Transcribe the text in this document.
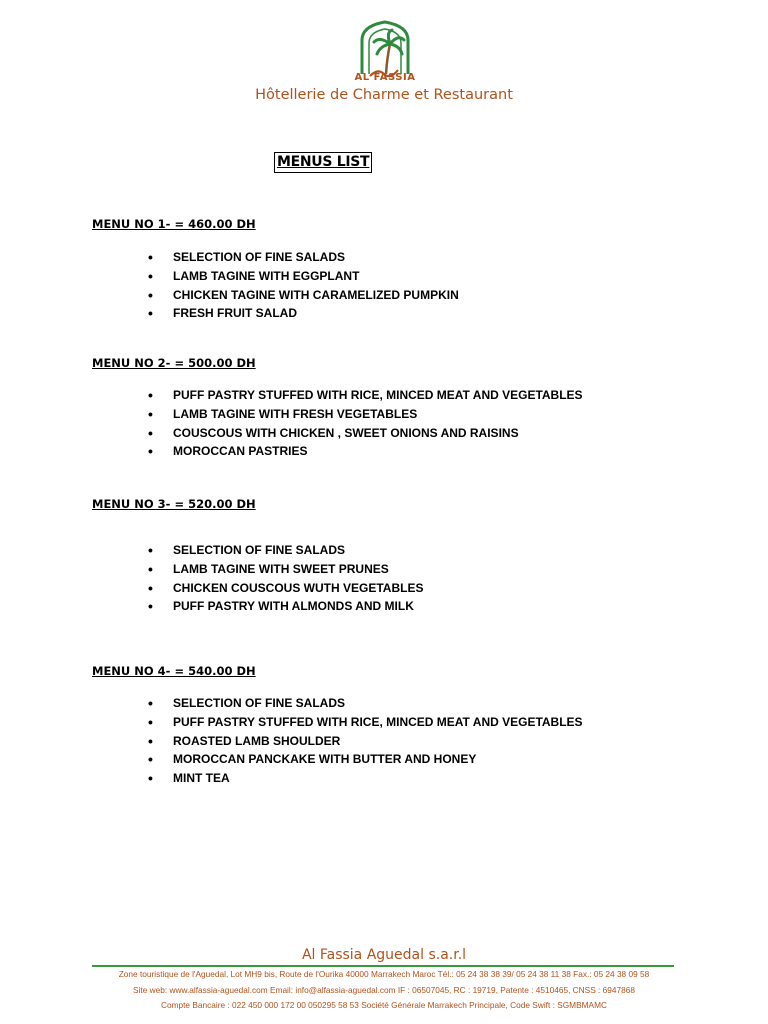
AL FASSIA
Hôtellerie de Charme et Restaurant
MENUS LIST
MENU NO 1- = 460.00 DH
• SELECTION OF FINE SALADS
• LAMB TAGINE WITH EGGPLANT
• CHICKEN TAGINE WITH CARAMELIZED PUMPKIN
• FRESH FRUIT SALAD
MENU NO 2- = 500.00 DH
• PUFF PASTRY STUFFED WITH RICE, MINCED MEAT AND VEGETABLES
• LAMB TAGINE WITH FRESH VEGETABLES
• COUSCOUS WITH CHICKEN , SWEET ONIONS AND RAISINS
• MOROCCAN PASTRIES
MENU NO 3- = 520.00 DH
• SELECTION OF FINE SALADS
• LAMB TAGINE WITH SWEET PRUNES
• CHICKEN COUSCOUS WUTH VEGETABLES
• PUFF PASTRY WITH ALMONDS AND MILK
MENU NO 4- = 540.00 DH
• SELECTION OF FINE SALADS
• PUFF PASTRY STUFFED WITH RICE, MINCED MEAT AND VEGETABLES
• ROASTED LAMB SHOULDER
• MOROCCAN PANCKAKE WITH BUTTER AND HONEY
• MINT TEA
Al Fassia Aguedal s.a.r.l
Zone touristique de l'Aguedal, Lot MH9 bis, Route de l'Ourika 40000 Marrakech Maroc Tél.: 05 24 38 38 39/ 05 24 38 11 38 Fax.: 05 24 38 09 58
Site web: www.alfassia-aguedal.com Email: info@alfassia-aguedal.com IF : 06507045, RC : 19719, Patente : 4510465, CNSS : 6947868
Compte Bancaire : 022 450 000 172 00 050295 58 53 Société Générale Marrakech Principale, Code Swift : SGMBMAMC
